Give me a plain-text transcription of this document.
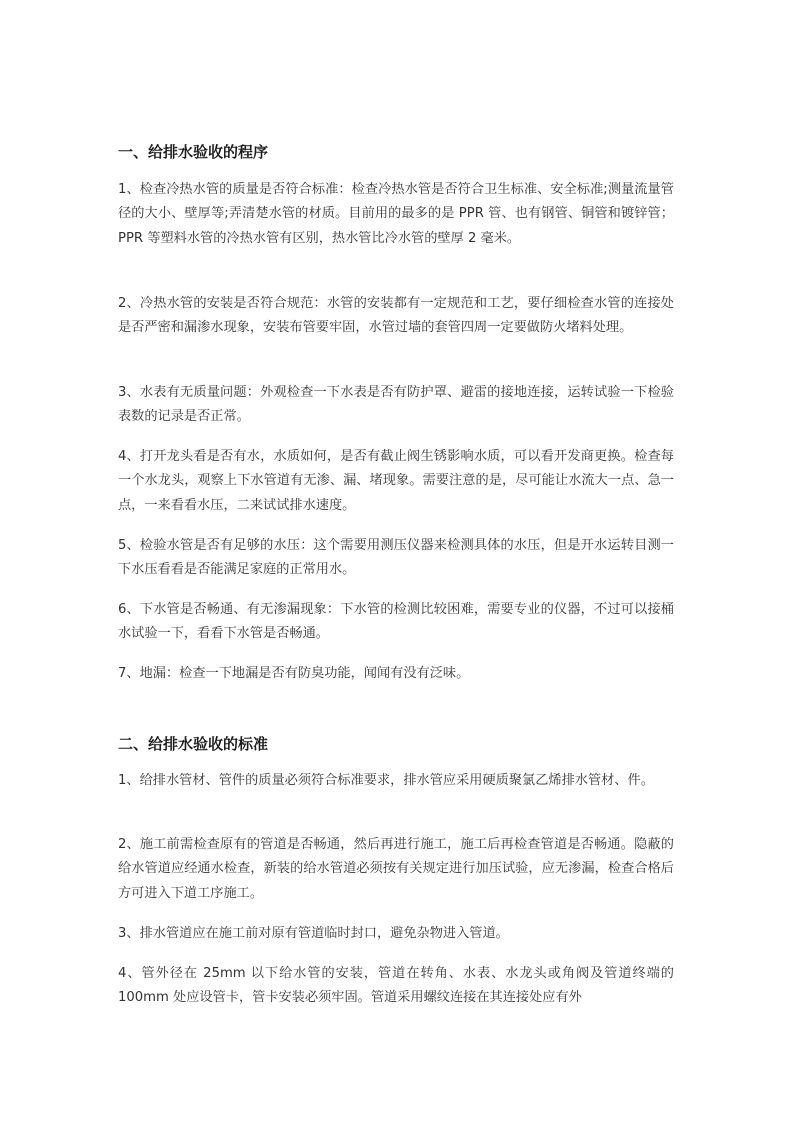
一、给排水验收的程序

1、检查冷热水管的质量是否符合标准：检查冷热水管是否符合卫生标准、安全标准;测量流量管径的大小、壁厚等;弄清楚水管的材质。目前用的最多的是 PPR 管、也有钢管、铜管和镀锌管；PPR 等塑料水管的冷热水管有区别，热水管比冷水管的壁厚 2 毫米。

2、冷热水管的安装是否符合规范：水管的安装都有一定规范和工艺，要仔细检查水管的连接处是否严密和漏渗水现象，安装布管要牢固，水管过墙的套管四周一定要做防火堵料处理。

3、水表有无质量问题：外观检查一下水表是否有防护罩、避雷的接地连接，运转试验一下检验表数的记录是否正常。

4、打开龙头看是否有水，水质如何，是否有截止阀生锈影响水质，可以看开发商更换。检查每一个水龙头，观察上下水管道有无渗、漏、堵现象。需要注意的是，尽可能让水流大一点、急一点，一来看看水压，二来试试排水速度。

5、检验水管是否有足够的水压：这个需要用测压仪器来检测具体的水压，但是开水运转目测一下水压看看是否能满足家庭的正常用水。

6、下水管是否畅通、有无渗漏现象：下水管的检测比较困难，需要专业的仪器，不过可以接桶水试验一下，看看下水管是否畅通。

7、地漏：检查一下地漏是否有防臭功能，闻闻有没有泛味。

二、给排水验收的标准

1、给排水管材、管件的质量必须符合标准要求，排水管应采用硬质聚氯乙烯排水管材、件。

2、施工前需检查原有的管道是否畅通，然后再进行施工，施工后再检查管道是否畅通。隐蔽的给水管道应经通水检查，新装的给水管道必须按有关规定进行加压试验，应无渗漏，检查合格后方可进入下道工序施工。

3、排水管道应在施工前对原有管道临时封口，避免杂物进入管道。

4、管外径在 25mm 以下给水管的安装，管道在转角、水表、水龙头或角阀及管道终端的 100mm 处应设管卡，管卡安装必须牢固。管道采用螺纹连接在其连接处应有外
